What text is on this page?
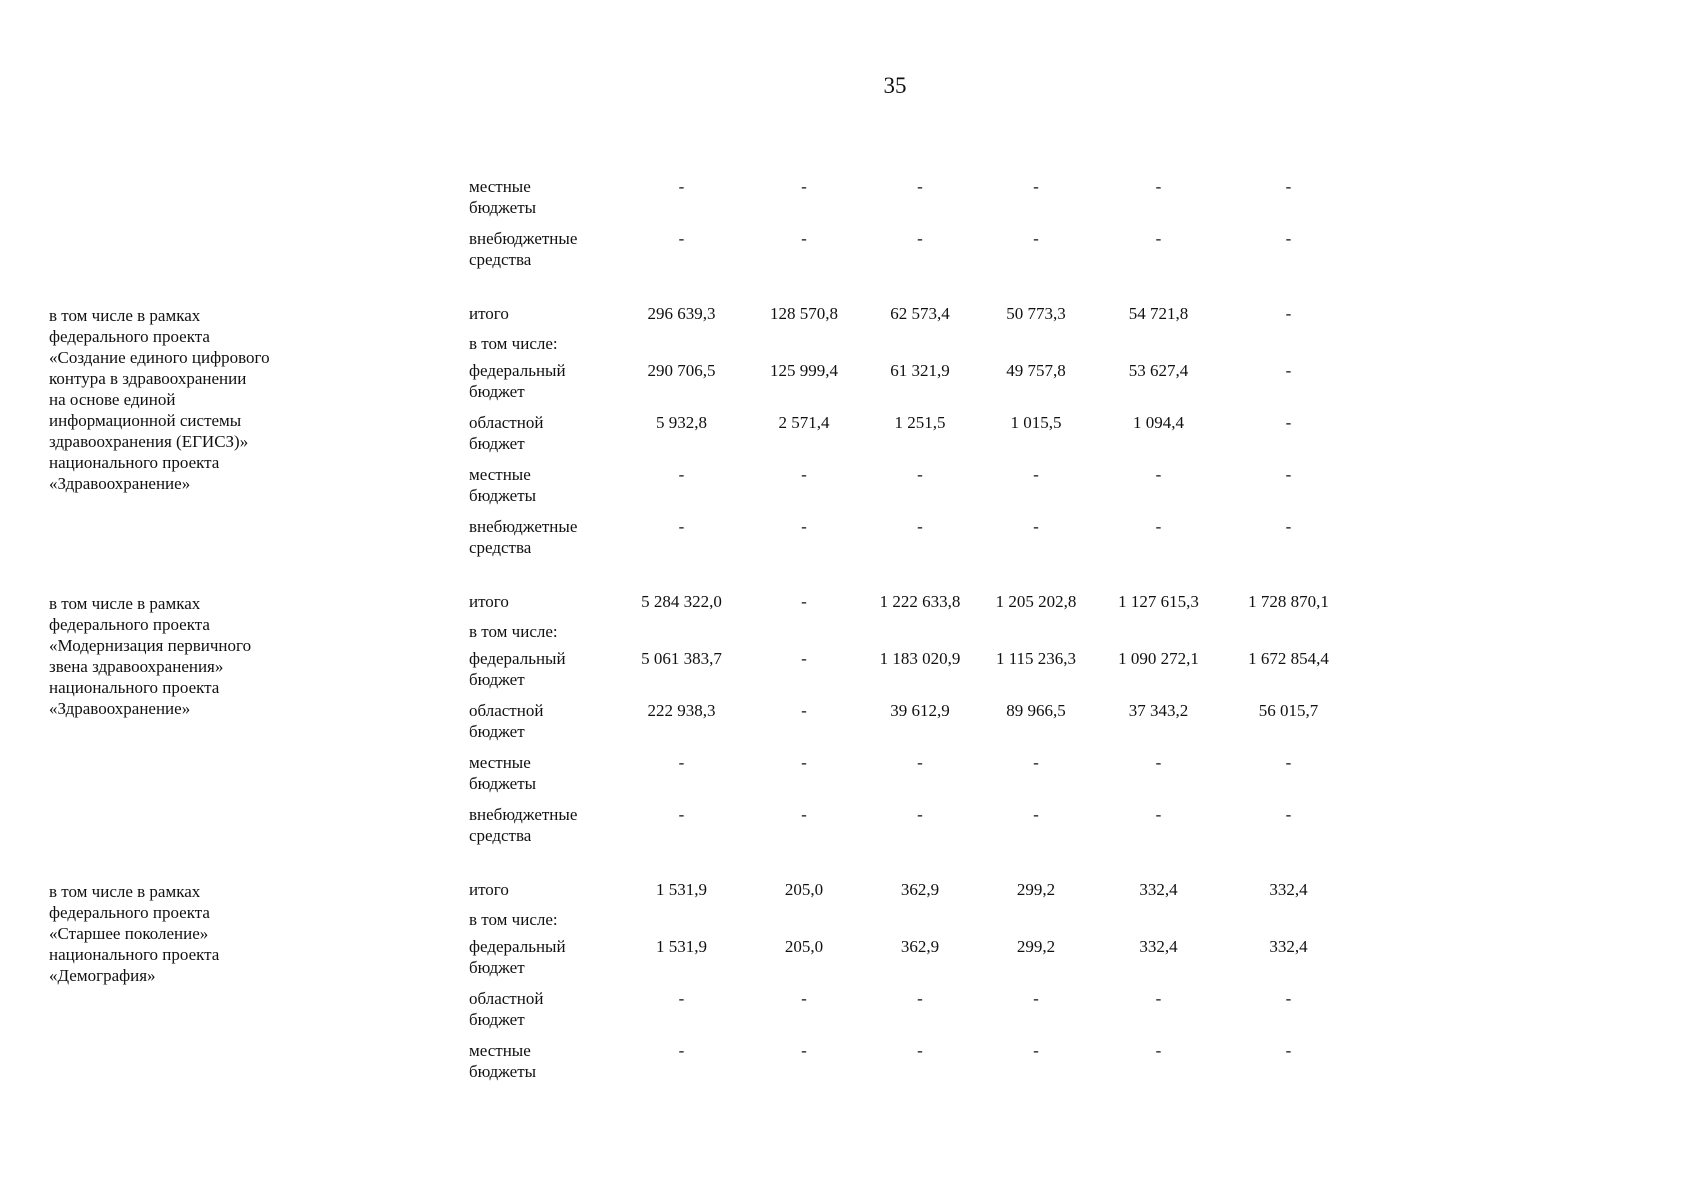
35
местные
бюджеты
-	-	-	-	-	-
внебюджетные
средства
-	-	-	-	-	-
в том числе в рамках
федерального проекта
«Создание единого цифрового
контура в здравоохранении
на основе единой
информационной системы
здравоохранения (ЕГИСЗ)»
национального проекта
«Здравоохранение»
итого	296 639,3	128 570,8	62 573,4	50 773,3	54 721,8	-
в том числе:
федеральный
бюджет
290 706,5	125 999,4	61 321,9	49 757,8	53 627,4	-
областной
бюджет
5 932,8	2 571,4	1 251,5	1 015,5	1 094,4	-
местные
бюджеты
-	-	-	-	-	-
внебюджетные
средства
-	-	-	-	-	-
в том числе в рамках
федерального проекта
«Модернизация первичного
звена здравоохранения»
национального проекта
«Здравоохранение»
итого	5 284 322,0	-	1 222 633,8	1 205 202,8	1 127 615,3	1 728 870,1
в том числе:
федеральный
бюджет
5 061 383,7	-	1 183 020,9	1 115 236,3	1 090 272,1	1 672 854,4
областной
бюджет
222 938,3	-	39 612,9	89 966,5	37 343,2	56 015,7
местные
бюджеты
-	-	-	-	-	-
внебюджетные
средства
-	-	-	-	-	-
в том числе в рамках
федерального проекта
«Старшее поколение»
национального проекта
«Демография»
итого	1 531,9	205,0	362,9	299,2	332,4	332,4
в том числе:
федеральный
бюджет
1 531,9	205,0	362,9	299,2	332,4	332,4
областной
бюджет
-	-	-	-	-	-
местные
бюджеты
-	-	-	-	-	-
